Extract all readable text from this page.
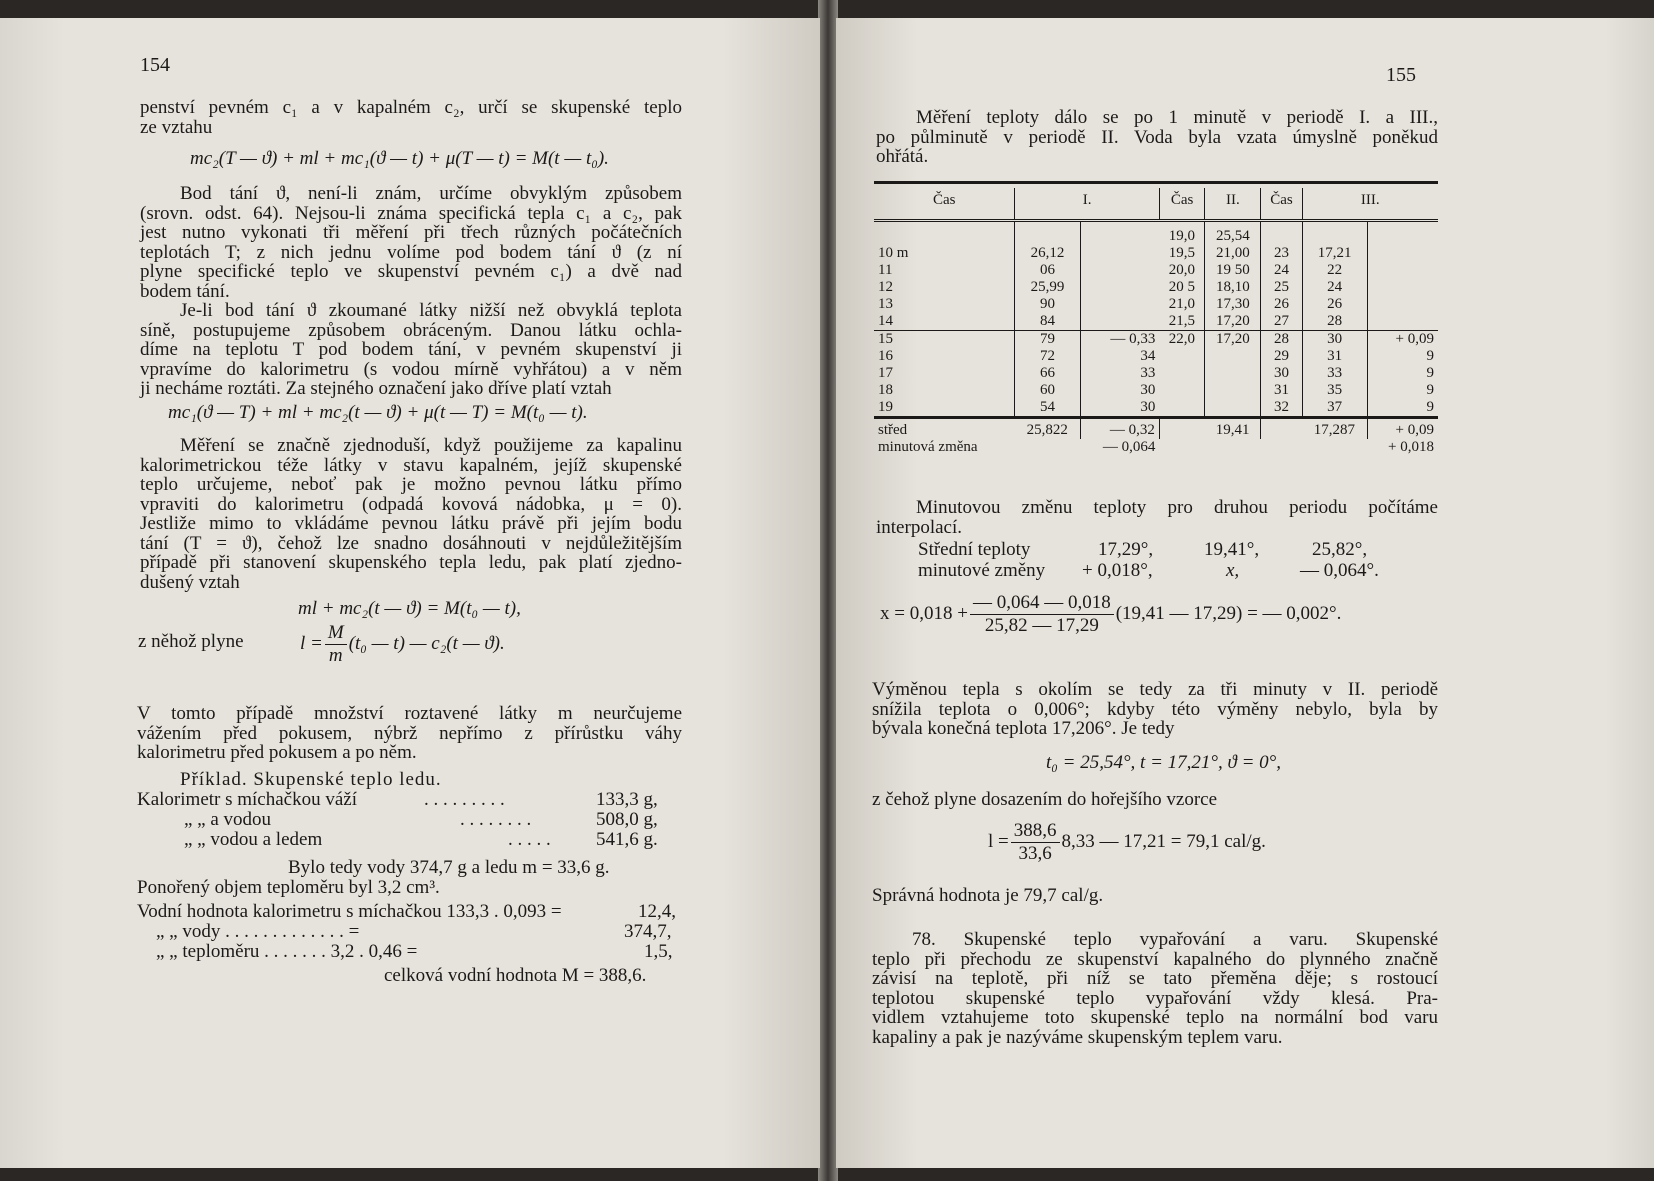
154

penství pevném c₁ a v kapalném c₂, určí se skupenské teplo

ze vztahu

mc₂(T — ϑ) + ml + mc₁(ϑ — t) + μ(T — t) = M(t — t₀).

Bod tání ϑ, není-li znám, určíme obvyklým způsobem

(srovn. odst. 64). Nejsou-li známa specifická tepla c₁ a c₂, pak

jest nutno vykonati tři měření při třech různých počátečních

teplotách T; z nich jednu volíme pod bodem tání ϑ (z ní

plyne specifické teplo ve skupenství pevném c₁) a dvě nad

bodem tání.

Je-li bod tání ϑ zkoumané látky nižší než obvyklá teplota

síně, postupujeme způsobem obráceným. Danou látku ochla-

díme na teplotu T pod bodem tání, v pevném skupenství ji

vpravíme do kalorimetru (s vodou mírně vyhřátou) a v něm

ji necháme roztáti. Za stejného označení jako dříve platí vztah

mc₁(ϑ — T) + ml + mc₂(t — ϑ) + μ(t — T) = M(t₀ — t).

Měření se značně zjednoduší, když použijeme za kapalinu

kalorimetrickou téže látky v stavu kapalném, jejíž skupenské

teplo určujeme, neboť pak je možno pevnou látku přímo

vpraviti do kalorimetru (odpadá kovová nádobka, μ = 0).

Jestliže mimo to vkládáme pevnou látku právě při jejím bodu

tání (T = ϑ), čehož lze snadno dosáhnouti v nejdůležitějším

případě při stanovení skupenského tepla ledu, pak platí zjedno-

dušený vztah

ml + mc₂(t — ϑ) = M(t₀ — t),
z něhož plyne	$l = \frac{M}{m} (t_0$ — t) — c₂(t — ϑ).

V tomto případě množství roztavené látky m neurčujeme

vážením před pokusem, nýbrž nepřímo z přírůstku váhy

kalorimetru před pokusem a po něm.

Příklad. Skupenské teplo ledu.
Kalorimetr s míchačkou váží	. . . . . . . . .	133,3 g,
„ „ a vodou	. . . . . . . .	508,0 g,
„ „ vodou a ledem	. . . . . 541,6 g.
Bylo tedy vody 374,7 g a ledu m = 33,6 g.
Ponořený objem teploměru byl 3,2 cm³.
Vodní hodnota kalorimetru s míchačkou 133,3 . 0,093 =	12,4,
„ „ vody . . . . . . . . . . . . . =	374,7,
„ „ teploměru . . . . . . . 3,2 . 0,46 =	1,5,
celková vodní hodnota M = 388,6.
155

Měření teploty dálo se po 1 minutě v periodě I. a III.,

po půlminutě v periodě II. Voda byla vzata úmyslně poněkud

ohřátá.

Čas	I.		Čas	II.	Čas	III.	
			19,0	25,54			
10 m	26,12		19,5	21,00	23	17,21	
11	06		20,0	19 50	24	22	
12	25,99		20 5	18,10	25	24	
13	90		21,0	17,30	26	26	
14	84		21,5	17,20	27	28	
15	79	— 0,33	22,0	17,20	28	30	+ 0,09
16	72	34			29	31	9
17	66	33			30	33	9
18	60	30			31	35	9
19	54	30			32	37	9
střed	25,822	— 0,32		19,41		17,287	+ 0,09
minutová změna		— 0,064					+ 0,018

Minutovou změnu teploty pro druhou periodu počítáme

interpolací.

Střední teploty	17,29°,	19,41°,	25,82°,
minutové změny + 0,018°,	x,	— 0,064°.
$x = 0,018 + \frac{— 0,064 — 0,018}{25,82 — 17,29} (19,41$ — 17,29) = — 0,002°.

Výměnou tepla s okolím se tedy za tři minuty v II. periodě

snížila teplota o 0,006°; kdyby této výměny nebylo, byla by

bývala konečná teplota 17,206°. Je tedy

t₀ = 25,54°, t = 17,21°, ϑ = 0°,
z čehož plyne dosazením do hořejšího vzorce
$l = \frac{388,6}{33,6} 8,33$ — 17,21 = 79,1 cal/g.
Správná hodnota je 79,7 cal/g.

78. Skupenské teplo vypařování a varu. Skupenské

teplo při přechodu ze skupenství kapalného do plynného značně

závisí na teplotě, při níž se tato přeměna děje; s rostoucí

teplotou skupenské teplo vypařování vždy klesá. Pra-

vidlem vztahujeme toto skupenské teplo na normální bod varu

kapaliny a pak je nazýváme skupenským teplem varu.
